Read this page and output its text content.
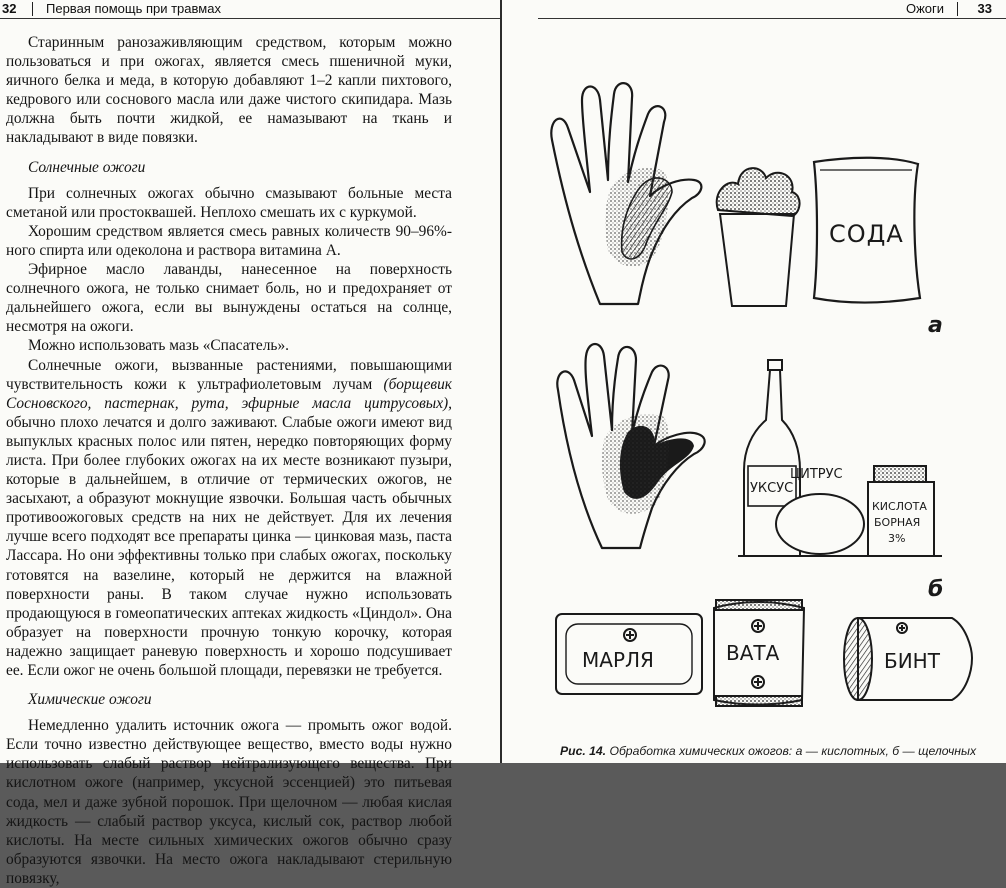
32 Первая помощь при травмах

Старинным ранозаживляющим средством, которым можно пользоваться и при ожогах, является смесь пшеничной муки, яичного белка и меда, в которую добавляют 1–2 капли пихтового, кедрового или соснового масла или даже чистого скипидара. Мазь должна быть почти жидкой, ее намазывают на ткань и накладывают в виде повязки.

Солнечные ожоги

При солнечных ожогах обычно смазывают больные места сметаной или простоквашей. Неплохо смешать их с куркумой.

Хорошим средством является смесь равных количеств 90–96%-ного спирта или одеколона и раствора витамина А.

Эфирное масло лаванды, нанесенное на поверхность солнечного ожога, не только снимает боль, но и предохраняет от дальнейшего ожога, если вы вынуждены остаться на солнце, несмотря на ожоги.

Можно использовать мазь «Спасатель».

Солнечные ожоги, вызванные растениями, повышающими чувствительность кожи к ультрафиолетовым лучам (борщевик Сосновского, пастернак, рута, эфирные масла цитрусовых), обычно плохо лечатся и долго заживают. Слабые ожоги имеют вид выпуклых красных полос или пятен, нередко повторяющих форму листа. При более глубоких ожогах на их месте возникают пузыри, которые в дальнейшем, в отличие от термических ожогов, не засыхают, а образуют мокнущие язвочки. Большая часть обычных противоожоговых средств на них не действует. Для их лечения лучше всего подходят все препараты цинка — цинковая мазь, паста Лассара. Но они эффективны только при слабых ожогах, поскольку готовятся на вазелине, который не держится на влажной поверхности раны. В таком случае нужно использовать продающуюся в гомеопатических аптеках жидкость «Циндол». Она образует на поверхности прочную тонкую корочку, которая надежно защищает раневую поверхность и хорошо подсушивает ее. Если ожог не очень большой площади, перевязки не требуется.

Химические ожоги

Немедленно удалить источник ожога — промыть ожог водой. Если точно известно действующее вещество, вместо воды нужно использовать слабый раствор нейтрализующего вещества. При кислотном ожоге (например, уксусной эссенцией) это питьевая сода, мел и даже зубной порошок. При щелочном — любая кислая жидкость — слабый раствор уксуса, кислый сок, раствор любой кислоты. На месте сильных химических ожогов обычно сразу образуются язвочки. На место ожога накладывают стерильную повязку,

Ожоги	33
СОДА
а
УКСУС
ЦИТРУС
КИСЛОТА
БОРНАЯ
3%
б
МАРЛЯ	ВАТА	БИНТ
Рис. 14. Обработка химических ожогов: а — кислотных, б — щелочных
